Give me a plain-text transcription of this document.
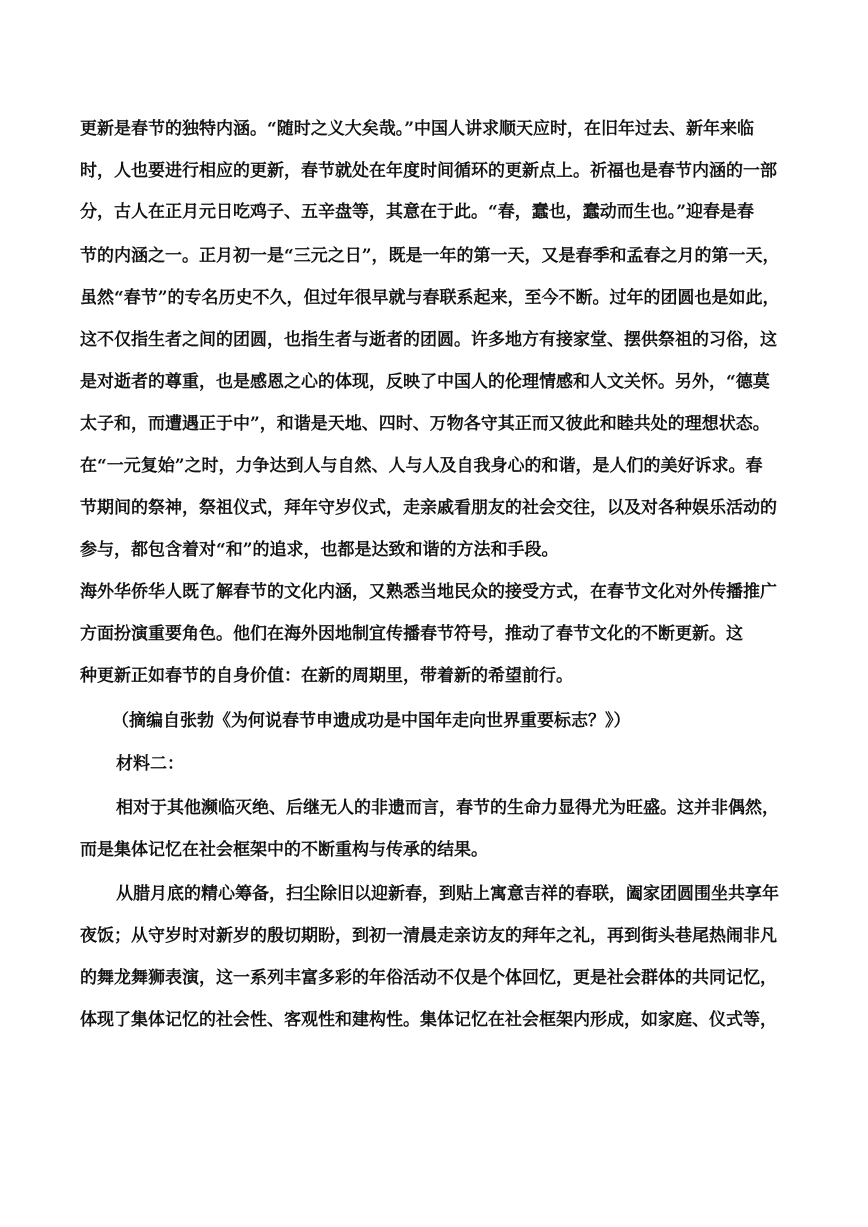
更新是春节的独特内涵。“随时之义大矣哉。”中国人讲求顺天应时，在旧年过去、新年来临
时，人也要进行相应的更新，春节就处在年度时间循环的更新点上。祈福也是春节内涵的一部
分，古人在正月元日吃鸡子、五辛盘等，其意在于此。“春，蠢也，蠢动而生也。”迎春是春
节的内涵之一。正月初一是“三元之日”，既是一年的第一天，又是春季和孟春之月的第一天，
虽然“春节”的专名历史不久，但过年很早就与春联系起来，至今不断。过年的团圆也是如此，
这不仅指生者之间的团圆，也指生者与逝者的团圆。许多地方有接家堂、摆供祭祖的习俗，这
是对逝者的尊重，也是感恩之心的体现，反映了中国人的伦理情感和人文关怀。另外，“德莫
太子和，而遭遇正于中”，和谐是天地、四时、万物各守其正而又彼此和睦共处的理想状态。
在“一元复始”之时，力争达到人与自然、人与人及自我身心的和谐，是人们的美好诉求。春
节期间的祭神，祭祖仪式，拜年守岁仪式，走亲戚看朋友的社会交往，以及对各种娱乐活动的
参与，都包含着对“和”的追求，也都是达致和谐的方法和手段。
海外华侨华人既了解春节的文化内涵，又熟悉当地民众的接受方式，在春节文化对外传播推广
方面扮演重要角色。他们在海外因地制宜传播春节符号，推动了春节文化的不断更新。这
种更新正如春节的自身价值：在新的周期里，带着新的希望前行。
（摘编自张勃《为何说春节申遗成功是中国年走向世界重要标志？》）
材料二：
相对于其他濒临灭绝、后继无人的非遗而言，春节的生命力显得尤为旺盛。这并非偶然，
而是集体记忆在社会框架中的不断重构与传承的结果。
从腊月底的精心筹备，扫尘除旧以迎新春，到贴上寓意吉祥的春联，阖家团圆围坐共享年
夜饭；从守岁时对新岁的殷切期盼，到初一清晨走亲访友的拜年之礼，再到街头巷尾热闹非凡
的舞龙舞狮表演，这一系列丰富多彩的年俗活动不仅是个体回忆，更是社会群体的共同记忆，
体现了集体记忆的社会性、客观性和建构性。集体记忆在社会框架内形成，如家庭、仪式等，
